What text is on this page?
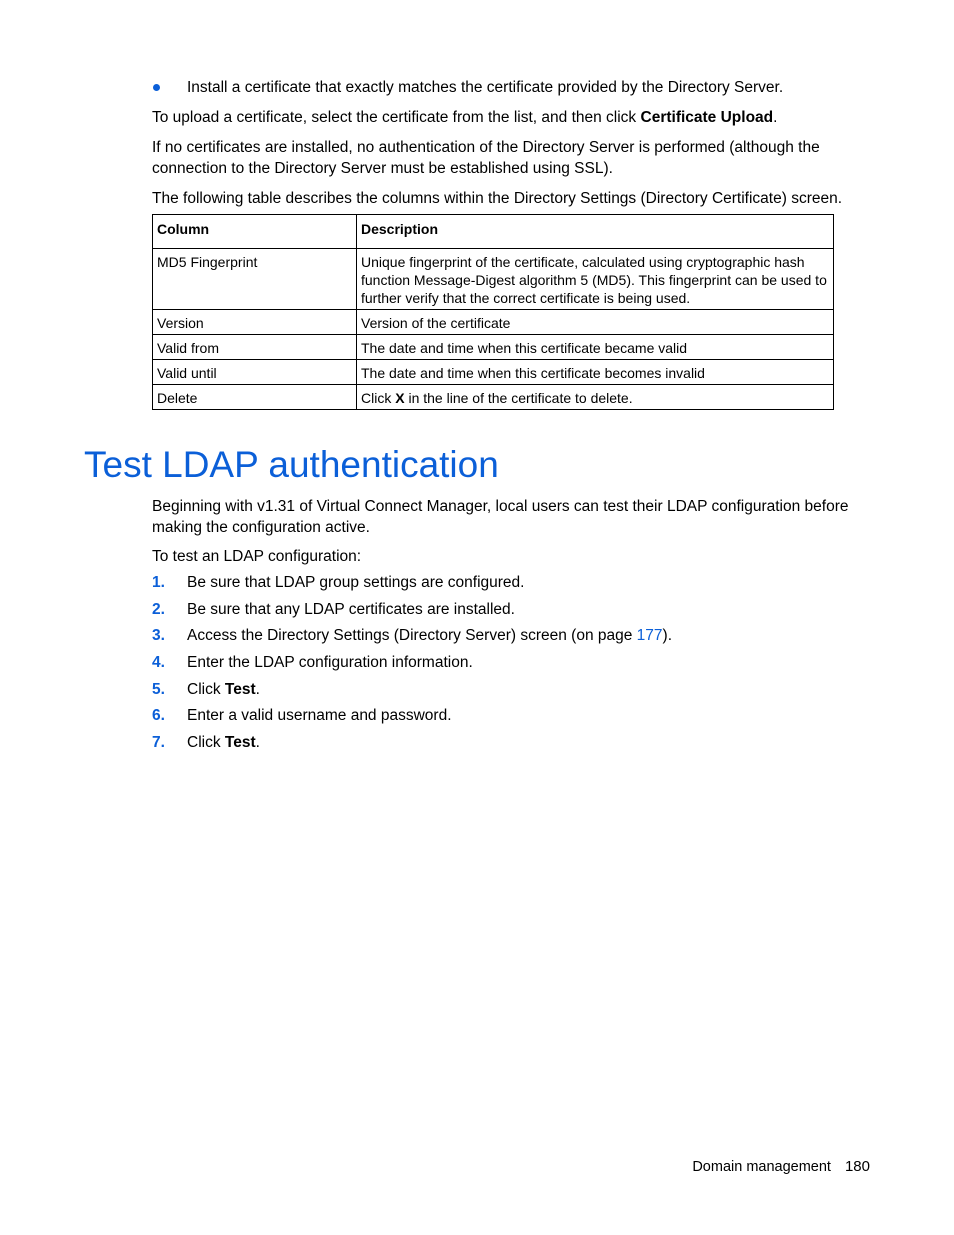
Install a certificate that exactly matches the certificate provided by the Directory Server.

To upload a certificate, select the certificate from the list, and then click Certificate Upload.

If no certificates are installed, no authentication of the Directory Server is performed (although the connection to the Directory Server must be established using SSL).

The following table describes the columns within the Directory Settings (Directory Certificate) screen.

Column	Description
MD5 Fingerprint	Unique fingerprint of the certificate, calculated using cryptographic hash function Message-Digest algorithm 5 (MD5). This fingerprint can be used to further verify that the correct certificate is being used.
Version	Version of the certificate
Valid from	The date and time when this certificate became valid
Valid until	The date and time when this certificate becomes invalid
Delete	Click X in the line of the certificate to delete.
Test LDAP authentication

Beginning with v1.31 of Virtual Connect Manager, local users can test their LDAP configuration before making the configuration active.

To test an LDAP configuration:

1.	Be sure that LDAP group settings are configured.
2.	Be sure that any LDAP certificates are installed.
3.	Access the Directory Settings (Directory Server) screen (on page 177).
4.	Enter the LDAP configuration information.
5.	Click Test.
6.	Enter a valid username and password.
7.	Click Test.
Domain management 180
